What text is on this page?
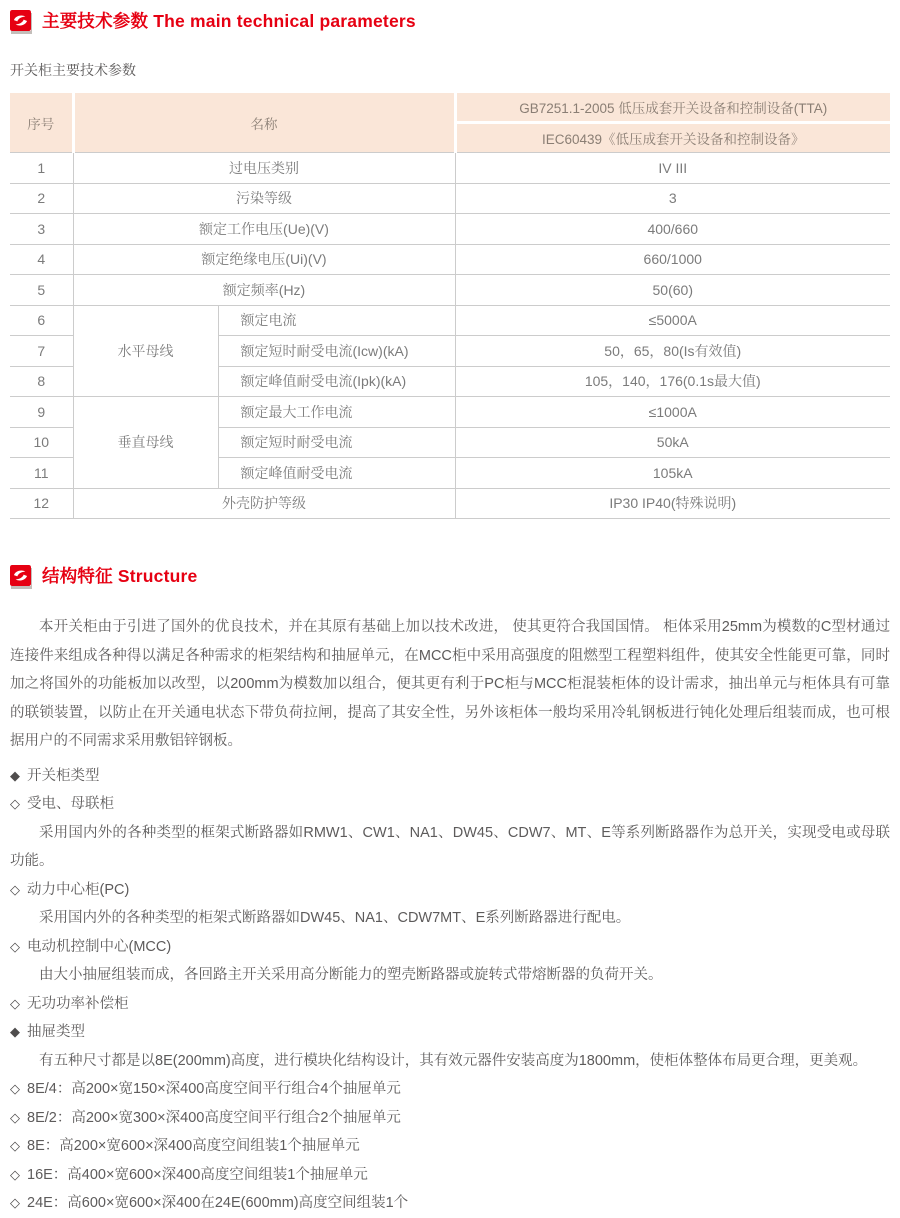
主要技术参数 The main technical parameters

开关柜主要技术参数

序号	名称		GB7251.1-2005 低压成套开关设备和控制设备(TTA)
			IEC60439《低压成套开关设备和控制设备》
1	过电压类别		IV III
2	污染等级		3
3	额定工作电压(Ue)(V)		400/660
4	额定绝缘电压(Ui)(V)		660/1000
5	额定频率(Hz)		50(60)
6	水平母线	额定电流	≤5000A
7		额定短时耐受电流(Icw)(kA)	50，65，80(Is有效值)
8		额定峰值耐受电流(Ipk)(kA)	105，140，176(0.1s最大值)
9	垂直母线	额定最大工作电流	≤1000A
10		额定短时耐受电流	50kA
11		额定峰值耐受电流	105kA
12	外壳防护等级		IP30 IP40(特殊说明)
结构特征 Structure

本开关柜由于引进了国外的优良技术，并在其原有基础上加以技术改进， 使其更符合我国国情。 柜体采用25mm为模数的C型材通过连接件来组成各种得以满足各种需求的柜架结构和抽屉单元，在MCC柜中采用高强度的阻燃型工程塑料组件，使其安全性能更可靠，同时加之将国外的功能板加以改型，以200mm为模数加以组合，便其更有利于PC柜与MCC柜混装柜体的设计需求，抽出单元与柜体具有可靠的联锁装置，以防止在开关通电状态下带负荷拉闸，提高了其安全性，另外该柜体一般均采用冷轧钢板进行钝化处理后组装而成，也可根据用户的不同需求采用敷铝锌钢板。

◆ 开关柜类型

◇ 受电、母联柜

采用国内外的各种类型的框架式断路器如RMW1、CW1、NA1、DW45、CDW7、MT、E等系列断路器作为总开关，实现受电或母联功能。

◇ 动力中心柜(PC)

采用国内外的各种类型的柜架式断路器如DW45、NA1、CDW7MT、E系列断路器进行配电。

◇ 电动机控制中心(MCC)

由大小抽屉组装而成，各回路主开关采用高分断能力的塑壳断路器或旋转式带熔断器的负荷开关。

◇ 无功功率补偿柜

◆ 抽屉类型

有五种尺寸都是以8E(200mm)高度，进行模块化结构设计，其有效元器件安装高度为1800mm，使柜体整体布局更合理，更美观。

◇ 8E/4：高200×宽150×深400高度空间平行组合4个抽屉单元

◇ 8E/2：高200×宽300×深400高度空间平行组合2个抽屉单元

◇ 8E：高200×宽600×深400高度空间组装1个抽屉单元

◇ 16E：高400×宽600×深400高度空间组装1个抽屉单元

◇ 24E：高600×宽600×深400在24E(600mm)高度空间组装1个
